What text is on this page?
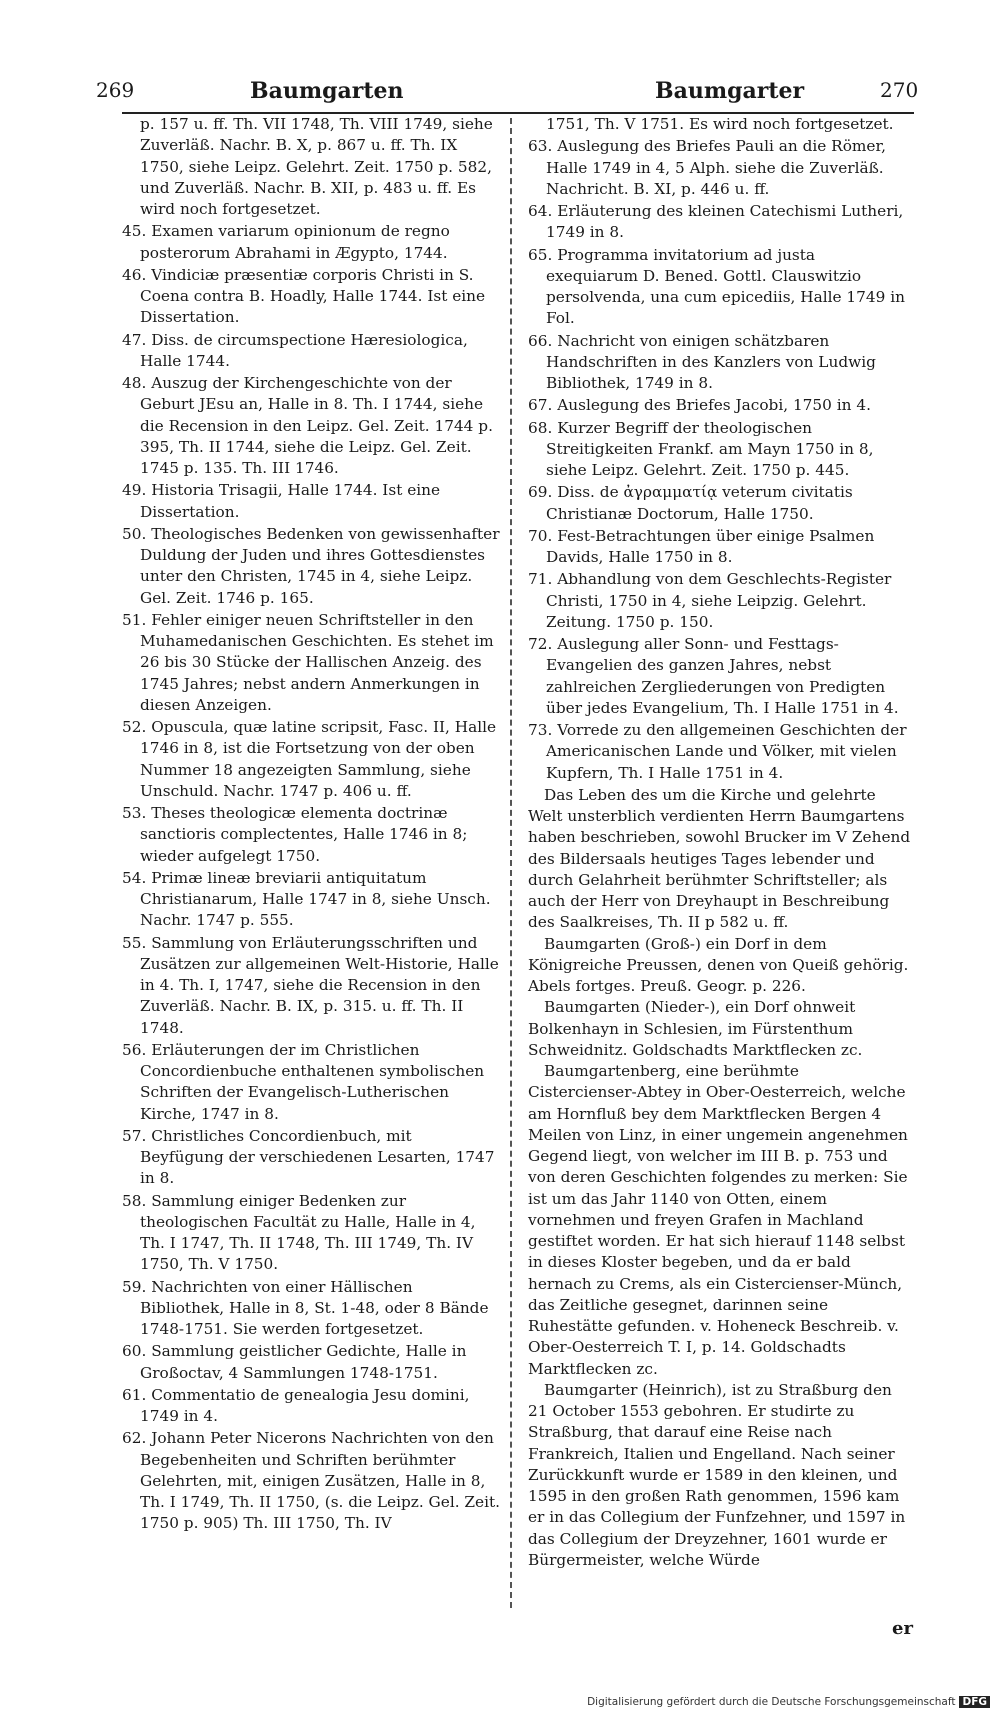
269	Baumgarten	Baumgarter	270

p. 157 u. ff. Th. VII 1748, Th. VIII 1749, siehe Zuverläß. Nachr. B. X, p. 867 u. ff. Th. IX 1750, siehe Leipz. Gelehrt. Zeit. 1750 p. 582, und Zuverläß. Nachr. B. XII, p. 483 u. ff. Es wird noch fortgesetzet.

45. Examen variarum opinionum de regno posterorum Abrahami in Ægypto, 1744.

46. Vindiciæ præsentiæ corporis Christi in S. Coena contra B. Hoadly, Halle 1744. Ist eine Dissertation.

47. Diss. de circumspectione Hæresiologica, Halle 1744.

48. Auszug der Kirchengeschichte von der Geburt JEsu an, Halle in 8. Th. I 1744, siehe die Recension in den Leipz. Gel. Zeit. 1744 p. 395, Th. II 1744, siehe die Leipz. Gel. Zeit. 1745 p. 135. Th. III 1746.

49. Historia Trisagii, Halle 1744. Ist eine Dissertation.

50. Theologisches Bedenken von gewissenhafter Duldung der Juden und ihres Gottesdienstes unter den Christen, 1745 in 4, siehe Leipz. Gel. Zeit. 1746 p. 165.

51. Fehler einiger neuen Schriftsteller in den Muhamedanischen Geschichten. Es stehet im 26 bis 30 Stücke der Hallischen Anzeig. des 1745 Jahres; nebst andern Anmerkungen in diesen Anzeigen.

52. Opuscula, quæ latine scripsit, Fasc. II, Halle 1746 in 8, ist die Fortsetzung von der oben Nummer 18 angezeigten Sammlung, siehe Unschuld. Nachr. 1747 p. 406 u. ff.

53. Theses theologicæ elementa doctrinæ sanctioris complectentes, Halle 1746 in 8; wieder aufgelegt 1750.

54. Primæ lineæ breviarii antiquitatum Christianarum, Halle 1747 in 8, siehe Unsch. Nachr. 1747 p. 555.

55. Sammlung von Erläuterungsschriften und Zusätzen zur allgemeinen Welt-Historie, Halle in 4. Th. I, 1747, siehe die Recension in den Zuverläß. Nachr. B. IX, p. 315. u. ff. Th. II 1748.

56. Erläuterungen der im Christlichen Concordienbuche enthaltenen symbolischen Schriften der Evangelisch-Lutherischen Kirche, 1747 in 8.

57. Christliches Concordienbuch, mit Beyfügung der verschiedenen Lesarten, 1747 in 8.

58. Sammlung einiger Bedenken zur theologischen Facultät zu Halle, Halle in 4, Th. I 1747, Th. II 1748, Th. III 1749, Th. IV 1750, Th. V 1750.

59. Nachrichten von einer Hällischen Bibliothek, Halle in 8, St. 1-48, oder 8 Bände 1748-1751. Sie werden fortgesetzet.

60. Sammlung geistlicher Gedichte, Halle in Großoctav, 4 Sammlungen 1748-1751.

61. Commentatio de genealogia Jesu domini, 1749 in 4.

62. Johann Peter Nicerons Nachrichten von den Begebenheiten und Schriften berühmter Gelehrten, mit, einigen Zusätzen, Halle in 8, Th. I 1749, Th. II 1750, (s. die Leipz. Gel. Zeit. 1750 p. 905) Th. III 1750, Th. IV

1751, Th. V 1751. Es wird noch fortgesetzet.

63. Auslegung des Briefes Pauli an die Römer, Halle 1749 in 4, 5 Alph. siehe die Zuverläß. Nachricht. B. XI, p. 446 u. ff.

64. Erläuterung des kleinen Catechismi Lutheri, 1749 in 8.

65. Programma invitatorium ad justa exequiarum D. Bened. Gottl. Clauswitzio persolvenda, una cum epicediis, Halle 1749 in Fol.

66. Nachricht von einigen schätzbaren Handschriften in des Kanzlers von Ludwig Bibliothek, 1749 in 8.

67. Auslegung des Briefes Jacobi, 1750 in 4.

68. Kurzer Begriff der theologischen Streitigkeiten Frankf. am Mayn 1750 in 8, siehe Leipz. Gelehrt. Zeit. 1750 p. 445.

69. Diss. de ἀγραμματίᾳ veterum civitatis Christianæ Doctorum, Halle 1750.

70. Fest-Betrachtungen über einige Psalmen Davids, Halle 1750 in 8.

71. Abhandlung von dem Geschlechts-Register Christi, 1750 in 4, siehe Leipzig. Gelehrt. Zeitung. 1750 p. 150.

72. Auslegung aller Sonn- und Festtags-Evangelien des ganzen Jahres, nebst zahlreichen Zergliederungen von Predigten über jedes Evangelium, Th. I Halle 1751 in 4.

73. Vorrede zu den allgemeinen Geschichten der Americanischen Lande und Völker, mit vielen Kupfern, Th. I Halle 1751 in 4.

Das Leben des um die Kirche und gelehrte Welt unsterblich verdienten Herrn Baumgartens haben beschrieben, sowohl Brucker im V Zehend des Bildersaals heutiges Tages lebender und durch Gelahrheit berühmter Schriftsteller; als auch der Herr von Dreyhaupt in Beschreibung des Saalkreises, Th. II p 582 u. ff.

Baumgarten (Groß-) ein Dorf in dem Königreiche Preussen, denen von Queiß gehörig. Abels fortges. Preuß. Geogr. p. 226.

Baumgarten (Nieder-), ein Dorf ohnweit Bolkenhayn in Schlesien, im Fürstenthum Schweidnitz. Goldschadts Marktflecken zc.

Baumgartenberg, eine berühmte Cistercienser-Abtey in Ober-Oesterreich, welche am Hornfluß bey dem Marktflecken Bergen 4 Meilen von Linz, in einer ungemein angenehmen Gegend liegt, von welcher im III B. p. 753 und von deren Geschichten folgendes zu merken: Sie ist um das Jahr 1140 von Otten, einem vornehmen und freyen Grafen in Machland gestiftet worden. Er hat sich hierauf 1148 selbst in dieses Kloster begeben, und da er bald hernach zu Crems, als ein Cistercienser-Münch, das Zeitliche gesegnet, darinnen seine Ruhestätte gefunden. v. Hoheneck Beschreib. v. Ober-Oesterreich T. I, p. 14. Goldschadts Marktflecken zc.

Baumgarter (Heinrich), ist zu Straßburg den 21 October 1553 gebohren. Er studirte zu Straßburg, that darauf eine Reise nach Frankreich, Italien und Engelland. Nach seiner Zurückkunft wurde er 1589 in den kleinen, und 1595 in den großen Rath genommen, 1596 kam er in das Collegium der Funfzehner, und 1597 in das Collegium der Dreyzehner, 1601 wurde er Bürgermeister, welche Würde

er
Digitalisierung gefördert durch die Deutsche Forschungsgemeinschaft DFG
